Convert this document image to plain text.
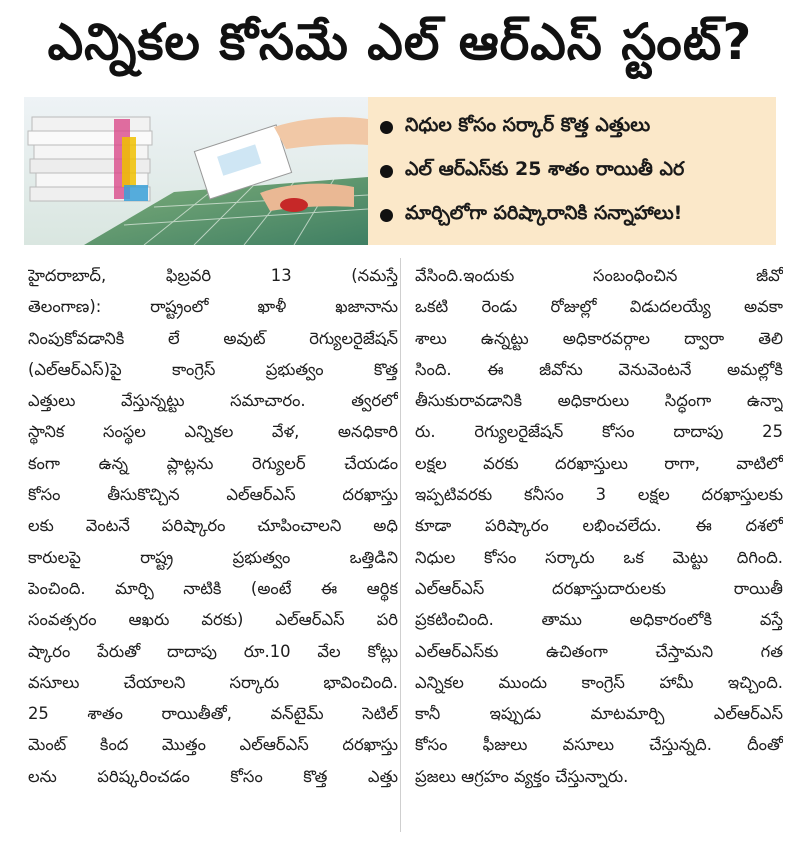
ఎన్నికల కోసమే ఎల్ ఆర్ఎస్ స్టంట్?
నిధుల కోసం సర్కార్ కొత్త ఎత్తులు
ఎల్ ఆర్ఎస్‌కు 25 శాతం రాయితీ ఎర
మార్చిలోగా పరిష్కారానికి సన్నాహాలు!
హైదరాబాద్, ఫిబ్రవరి 13 (నమస్తే
తెలంగాణ): రాష్ట్రంలో ఖాళీ ఖజానాను
నింపుకోవడానికి లే అవుట్ రెగ్యులరైజేషన్
(ఎల్ఆర్ఎస్)పై కాంగ్రెస్ ప్రభుత్వం కొత్త
ఎత్తులు వేస్తున్నట్టు సమాచారం. త్వరలో
స్థానిక సంస్థల ఎన్నికల వేళ, అనధికారి
కంగా ఉన్న ప్లాట్లను రెగ్యులర్ చేయడం
కోసం తీసుకొచ్చిన ఎల్ఆర్ఎస్ దరఖాస్తు
లకు వెంటనే పరిష్కారం చూపించాలని అధి
కారులపై రాష్ట్ర ప్రభుత్వం ఒత్తిడిని
పెంచింది. మార్చి నాటికి (అంటే ఈ ఆర్థిక
సంవత్సరం ఆఖరు వరకు) ఎల్ఆర్ఎస్ పరి
ష్కారం పేరుతో దాదాపు రూ.10 వేల కోట్లు
వసూలు చేయాలని సర్కారు భావించింది.
25 శాతం రాయితీతో, వన్‌టైమ్ సెటిల్
మెంట్ కింద మొత్తం ఎల్ఆర్ఎస్ దరఖాస్తు
లను పరిష్కరించడం కోసం కొత్త ఎత్తు
వేసింది.ఇందుకు సంబంధించిన జీవో
ఒకటి రెండు రోజుల్లో విడుదలయ్యే అవకా
శాలు ఉన్నట్టు అధికారవర్గాల ద్వారా తెలి
సింది. ఈ జీవోను వెనువెంటనే అమల్లోకి
తీసుకురావడానికి అధికారులు సిద్ధంగా ఉన్నా
రు. రెగ్యులరైజేషన్ కోసం దాదాపు 25
లక్షల వరకు దరఖాస్తులు రాగా, వాటిలో
ఇప్పటివరకు కనీసం 3 లక్షల దరఖాస్తులకు
కూడా పరిష్కారం లభించలేదు. ఈ దశలో
నిధుల కోసం సర్కారు ఒక మెట్టు దిగింది.
ఎల్ఆర్ఎస్ దరఖాస్తుదారులకు రాయితీ
ప్రకటించింది. తాము అధికారంలోకి వస్తే
ఎల్ఆర్ఎస్‌కు ఉచితంగా చేస్తామని గత
ఎన్నికల ముందు కాంగ్రెస్ హామీ ఇచ్చింది.
కానీ ఇప్పుడు మాటమార్చి ఎల్ఆర్ఎస్
కోసం ఫీజులు వసూలు చేస్తున్నది. దీంతో
ప్రజలు ఆగ్రహం వ్యక్తం చేస్తున్నారు.
